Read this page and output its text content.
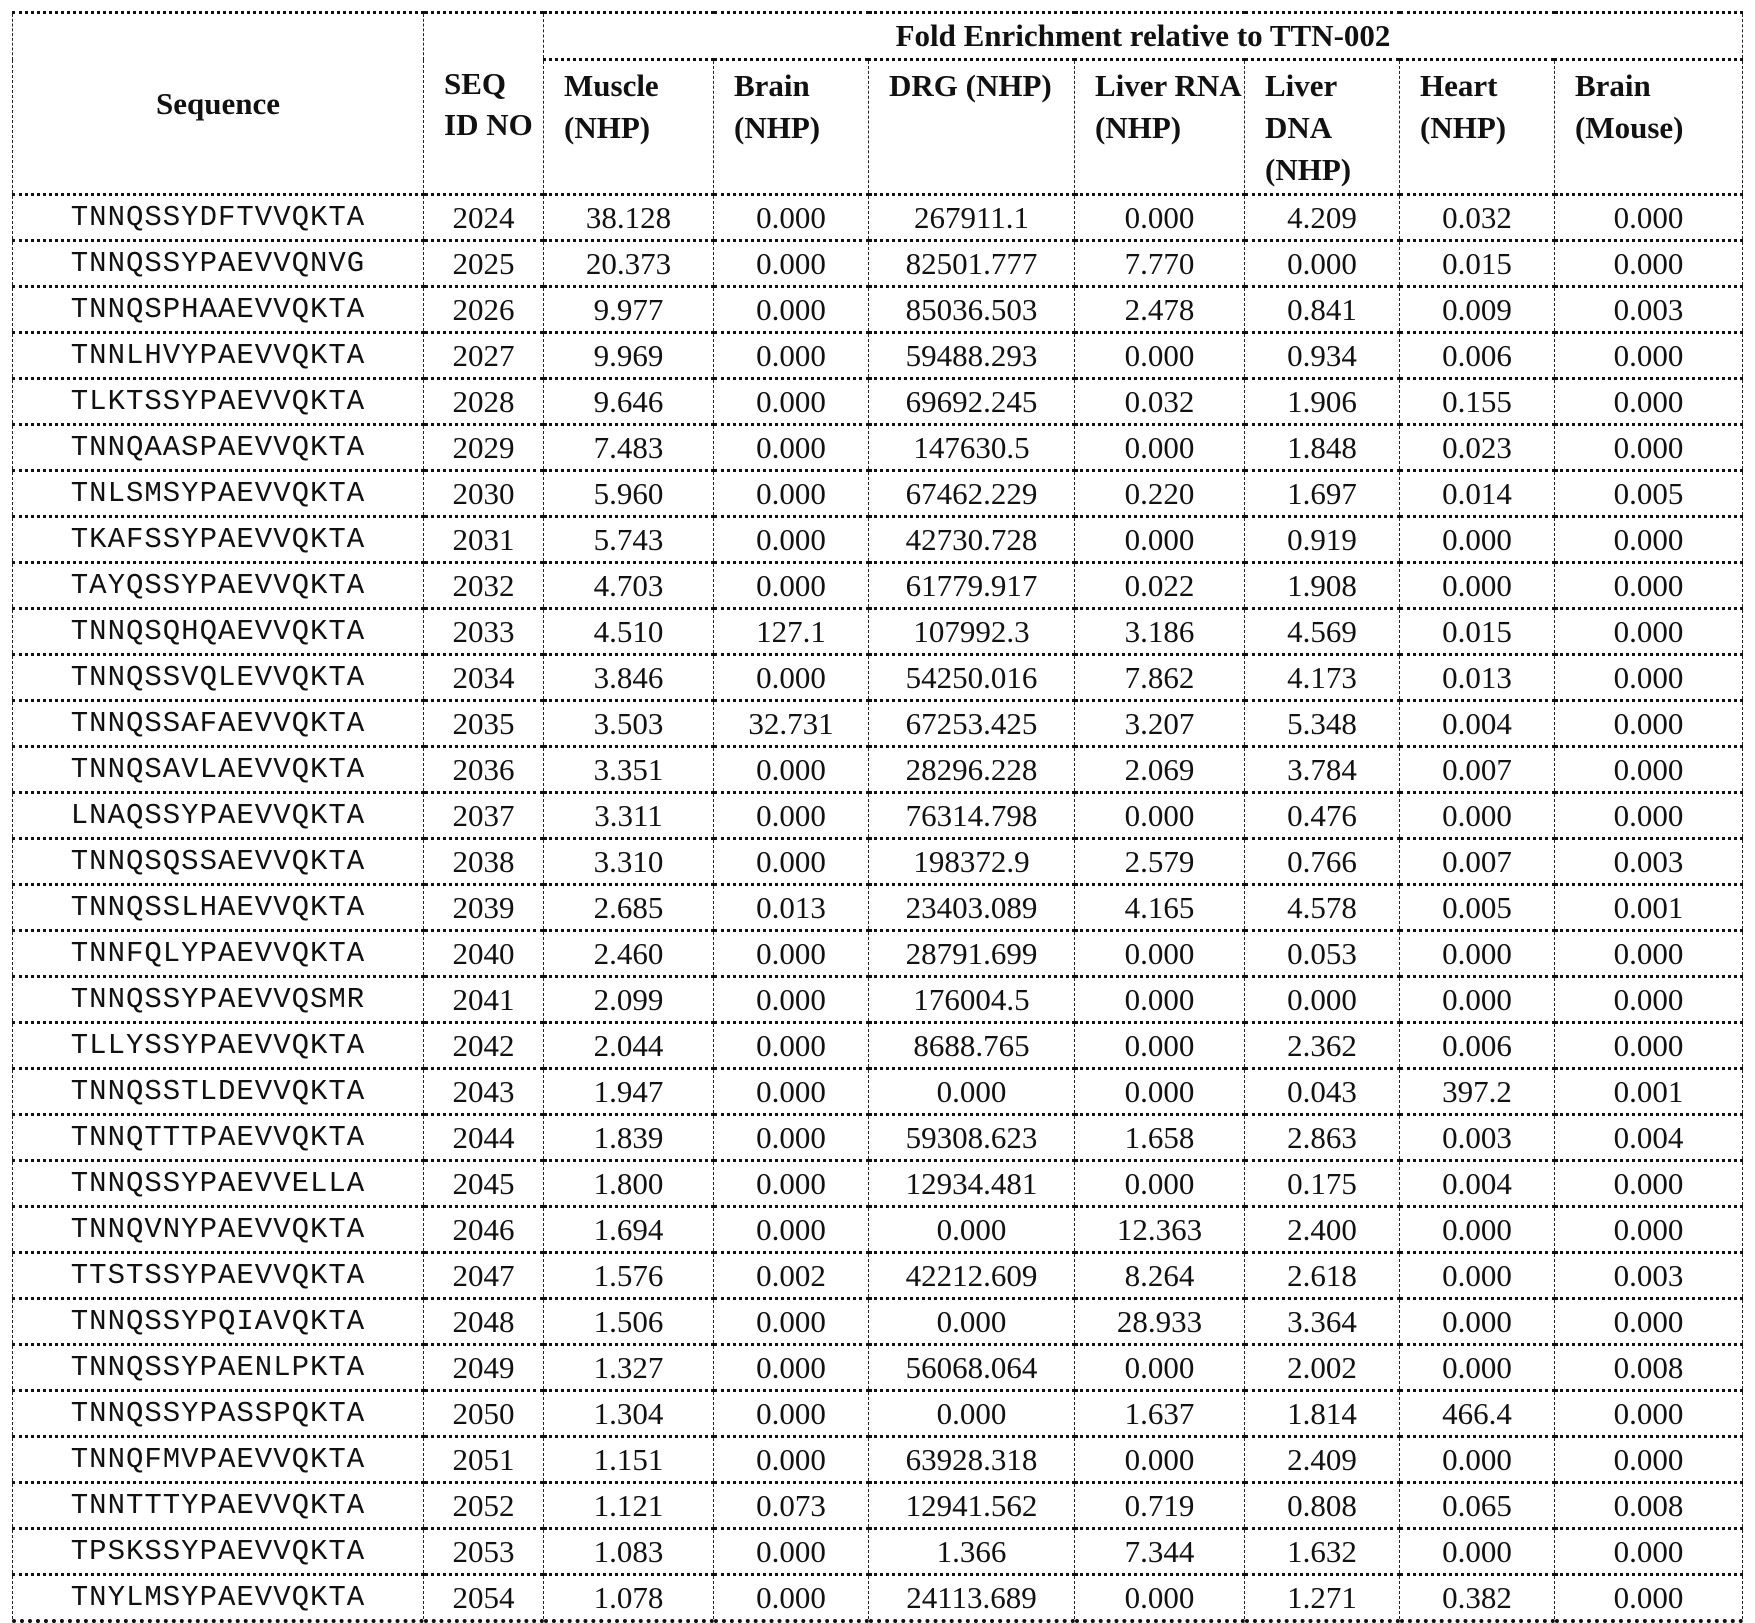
Sequence	SEQ ID NO	Fold Enrichment relative to TTN-002
Muscle (NHP)	Brain (NHP)	DRG (NHP)	Liver RNA (NHP)	Liver DNA (NHP)	Heart (NHP)	Brain (Mouse)
TNNQSSYDFTVVQKTA	2024	38.128	0.000	267911.1	0.000	4.209	0.032	0.000
TNNQSSYPAEVVQNVG	2025	20.373	0.000	82501.777	7.770	0.000	0.015	0.000
TNNQSPHAAEVVQKTA	2026	9.977	0.000	85036.503	2.478	0.841	0.009	0.003
TNNLHVYPAEVVQKTA	2027	9.969	0.000	59488.293	0.000	0.934	0.006	0.000
TLKTSSYPAEVVQKTA	2028	9.646	0.000	69692.245	0.032	1.906	0.155	0.000
TNNQAASPAEVVQKTA	2029	7.483	0.000	147630.5	0.000	1.848	0.023	0.000
TNLSMSYPAEVVQKTA	2030	5.960	0.000	67462.229	0.220	1.697	0.014	0.005
TKAFSSYPAEVVQKTA	2031	5.743	0.000	42730.728	0.000	0.919	0.000	0.000
TAYQSSYPAEVVQKTA	2032	4.703	0.000	61779.917	0.022	1.908	0.000	0.000
TNNQSQHQAEVVQKTA	2033	4.510	127.1	107992.3	3.186	4.569	0.015	0.000
TNNQSSVQLEVVQKTA	2034	3.846	0.000	54250.016	7.862	4.173	0.013	0.000
TNNQSSAFAEVVQKTA	2035	3.503	32.731	67253.425	3.207	5.348	0.004	0.000
TNNQSAVLAEVVQKTA	2036	3.351	0.000	28296.228	2.069	3.784	0.007	0.000
LNAQSSYPAEVVQKTA	2037	3.311	0.000	76314.798	0.000	0.476	0.000	0.000
TNNQSQSSAEVVQKTA	2038	3.310	0.000	198372.9	2.579	0.766	0.007	0.003
TNNQSSLHAEVVQKTA	2039	2.685	0.013	23403.089	4.165	4.578	0.005	0.001
TNNFQLYPAEVVQKTA	2040	2.460	0.000	28791.699	0.000	0.053	0.000	0.000
TNNQSSYPAEVVQSMR	2041	2.099	0.000	176004.5	0.000	0.000	0.000	0.000
TLLYSSYPAEVVQKTA	2042	2.044	0.000	8688.765	0.000	2.362	0.006	0.000
TNNQSSTLDEVVQKTA	2043	1.947	0.000	0.000	0.000	0.043	397.2	0.001
TNNQTTTPAEVVQKTA	2044	1.839	0.000	59308.623	1.658	2.863	0.003	0.004
TNNQSSYPAEVVELLA	2045	1.800	0.000	12934.481	0.000	0.175	0.004	0.000
TNNQVNYPAEVVQKTA	2046	1.694	0.000	0.000	12.363	2.400	0.000	0.000
TTSTSSYPAEVVQKTA	2047	1.576	0.002	42212.609	8.264	2.618	0.000	0.003
TNNQSSYPQIAVQKTA	2048	1.506	0.000	0.000	28.933	3.364	0.000	0.000
TNNQSSYPAENLPKTA	2049	1.327	0.000	56068.064	0.000	2.002	0.000	0.008
TNNQSSYPASSPQKTA	2050	1.304	0.000	0.000	1.637	1.814	466.4	0.000
TNNQFMVPAEVVQKTA	2051	1.151	0.000	63928.318	0.000	2.409	0.000	0.000
TNNTTTYPAEVVQKTA	2052	1.121	0.073	12941.562	0.719	0.808	0.065	0.008
TPSKSSYPAEVVQKTA	2053	1.083	0.000	1.366	7.344	1.632	0.000	0.000
TNYLMSYPAEVVQKTA	2054	1.078	0.000	24113.689	0.000	1.271	0.382	0.000
